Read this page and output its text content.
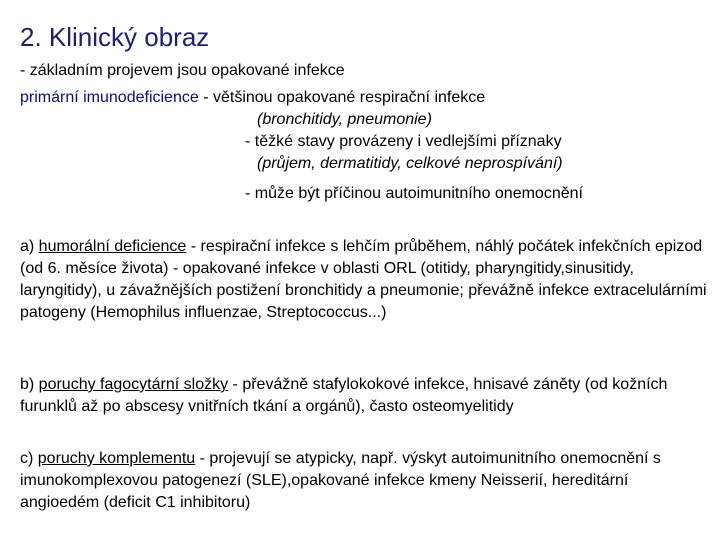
2. Klinický obraz
- základním projevem jsou opakované infekce
primární imunodeficience - většinou opakované respirační infekce
(bronchitidy, pneumonie)
- těžké stavy provázeny i vedlejšími příznaky
(průjem, dermatitidy, celkové neprospívání)
- může být příčinou autoimunitního onemocnění
a) humorální deficience - respirační infekce s lehčím průběhem, náhlý počátek infekčních epizod (od 6. měsíce života) - opakované infekce v oblasti ORL (otitidy, pharyngitidy,sinusitidy, laryngitidy), u závažnějších postižení bronchitidy a pneumonie; převážně infekce extracelulárními patogeny (Hemophilus influenzae, Streptococcus...)
b) poruchy fagocytární složky - převážně stafylokokové infekce, hnisavé záněty (od kožních furunklů až po abscesy vnitřních tkání a orgánů), často osteomyelitidy
c) poruchy komplementu - projevují se atypicky, např. výskyt autoimunitního onemocnění s imunokomplexovou patogenezí (SLE),opakované infekce kmeny Neisserií, hereditární angioedém (deficit C1 inhibitoru)
